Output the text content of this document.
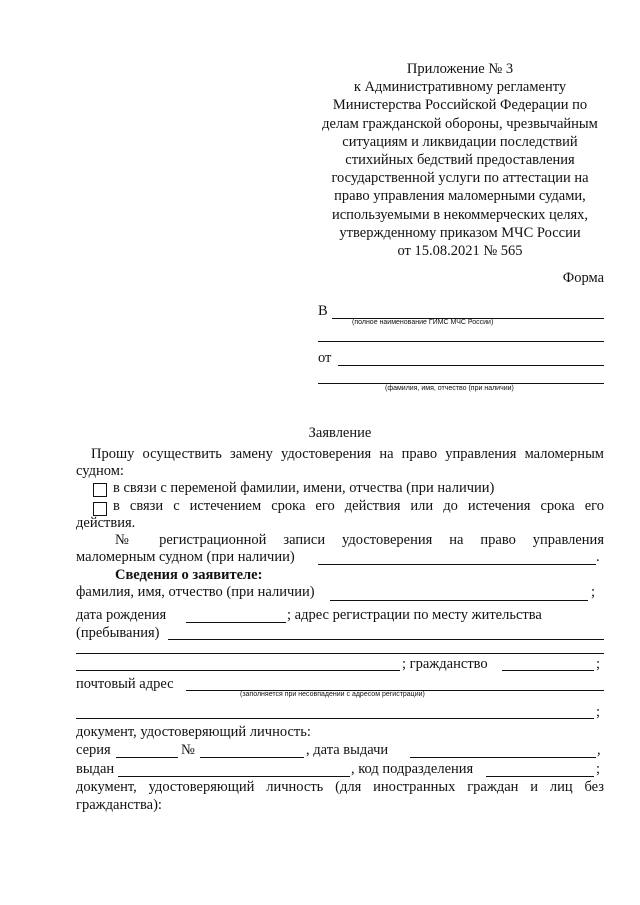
Приложение № 3
к Административному регламенту
Министерства Российской Федерации по
делам гражданской обороны, чрезвычайным
ситуациям и ликвидации последствий
стихийных бедствий предоставления
государственной услуги по аттестации на
право управления маломерными судами,
используемыми в некоммерческих целях,
утвержденному приказом МЧС России
от 15.08.2021 № 565
Форма
В
(полное наименование ГИМС МЧС России)
от
(фамилия, имя, отчество (при наличии)
Заявление
Прошу осуществить замену удостоверения на право управления маломерным
судном:
в связи с переменой фамилии, имени, отчества (при наличии)
в связи с истечением срока его действия или до истечения срока его
действия.
№ регистрационной записи удостоверения на право управления
маломерным судном (при наличии)	.
Сведения о заявителе:
фамилия, имя, отчество (при наличии)	;
дата рождения	; адрес регистрации по месту жительства
(пребывания)
; гражданство	;
почтовый адрес
(заполняется при несовпадении с адресом регистрации)
;
документ, удостоверяющий личность:
серия	№	, дата выдачи	,
выдан	, код подразделения	;
документ, удостоверяющий личность (для иностранных граждан и лиц без
гражданства):
